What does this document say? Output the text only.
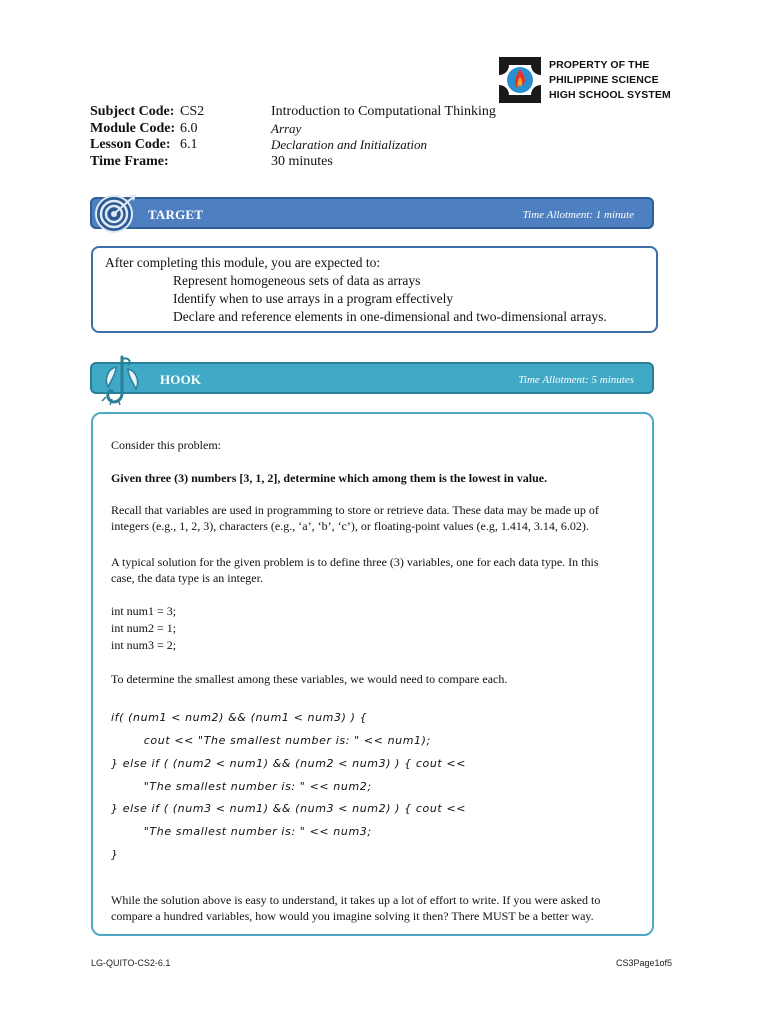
PROPERTY OF THE
PHILIPPINE SCIENCE
HIGH SCHOOL SYSTEM
Subject Code: CS2	Introduction to Computational Thinking
Module Code: 6.0	Array
Lesson Code: 6.1	Declaration and Initialization
Time Frame:	30 minutes
TARGET	Time Allotment: 1 minute
After completing this module, you are expected to:
Represent homogeneous sets of data as arrays
Identify when to use arrays in a program effectively
Declare and reference elements in one-dimensional and two-dimensional arrays.
HOOK	Time Allotment: 5 minutes
Consider this problem:
Given three (3) numbers [3, 1, 2], determine which among them is the lowest in value.
Recall that variables are used in programming to store or retrieve data. These data may be made up of
integers (e.g., 1, 2, 3), characters (e.g., ‘a’, ‘b’, ‘c’), or floating-point values (e.g, 1.414, 3.14, 6.02).
A typical solution for the given problem is to define three (3) variables, one for each data type. In this
case, the data type is an integer.
int num1 = 3;
int num2 = 1;
int num3 = 2;
To determine the smallest among these variables, we would need to compare each.
if( (num1 < num2) && (num1 < num3) ) {
cout << "The smallest number is: " << num1);
} else if ( (num2 < num1) && (num2 < num3) ) { cout <<
"The smallest number is: " << num2;
} else if ( (num3 < num1) && (num3 < num2) ) { cout <<
"The smallest number is: " << num3;
}
While the solution above is easy to understand, it takes up a lot of effort to write. If you were asked to
compare a hundred variables, how would you imagine solving it then? There MUST be a better way.
LG-QUITO-CS2-6.1	CS3Page1of5
